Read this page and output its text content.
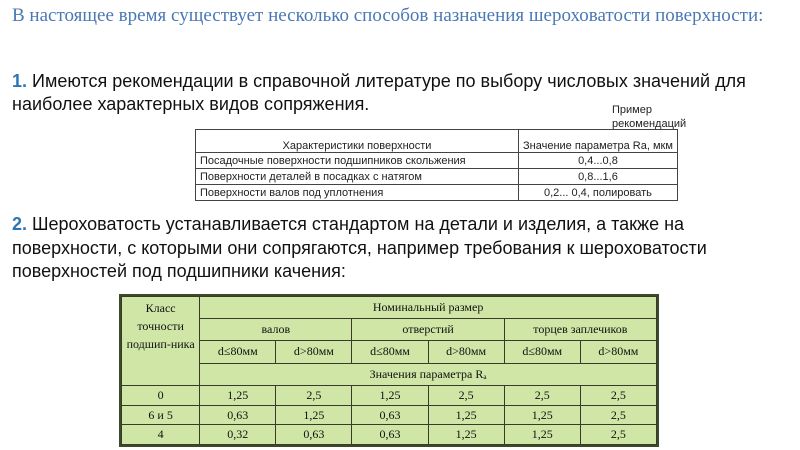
В настоящее время существует несколько способов назначения шероховатости поверхности:
1. Имеются рекомендации в справочной литературе по выбору числовых значений для наиболее характерных видов сопряжения.	Пример рекомендаций
Характеристики поверхности	Значение параметра Ra, мкм
Посадочные поверхности подшипников скольжения	0,4...0,8
Поверхности деталей в посадках с натягом	0,8...1,6
Поверхности валов под уплотнения	0,2... 0,4, полировать
2. Шероховатость устанавливается стандартом на детали и изделия, а также на поверхности, с которыми они сопрягаются, например требования к шероховатости поверхностей под подшипники качения:
Класс точности подшип-ника	Номинальный размер					
	валов		отверстий		торцев заплечиков	
	d≤80мм	d>80мм	d≤80мм	d>80мм	d≤80мм	d>80мм
	Значения параметра Rₐ					
0	1,25	2,5	1,25	2,5	2,5	2,5
6 и 5	0,63	1,25	0,63	1,25	1,25	2,5
4	0,32	0,63	0,63	1,25	1,25	2,5
